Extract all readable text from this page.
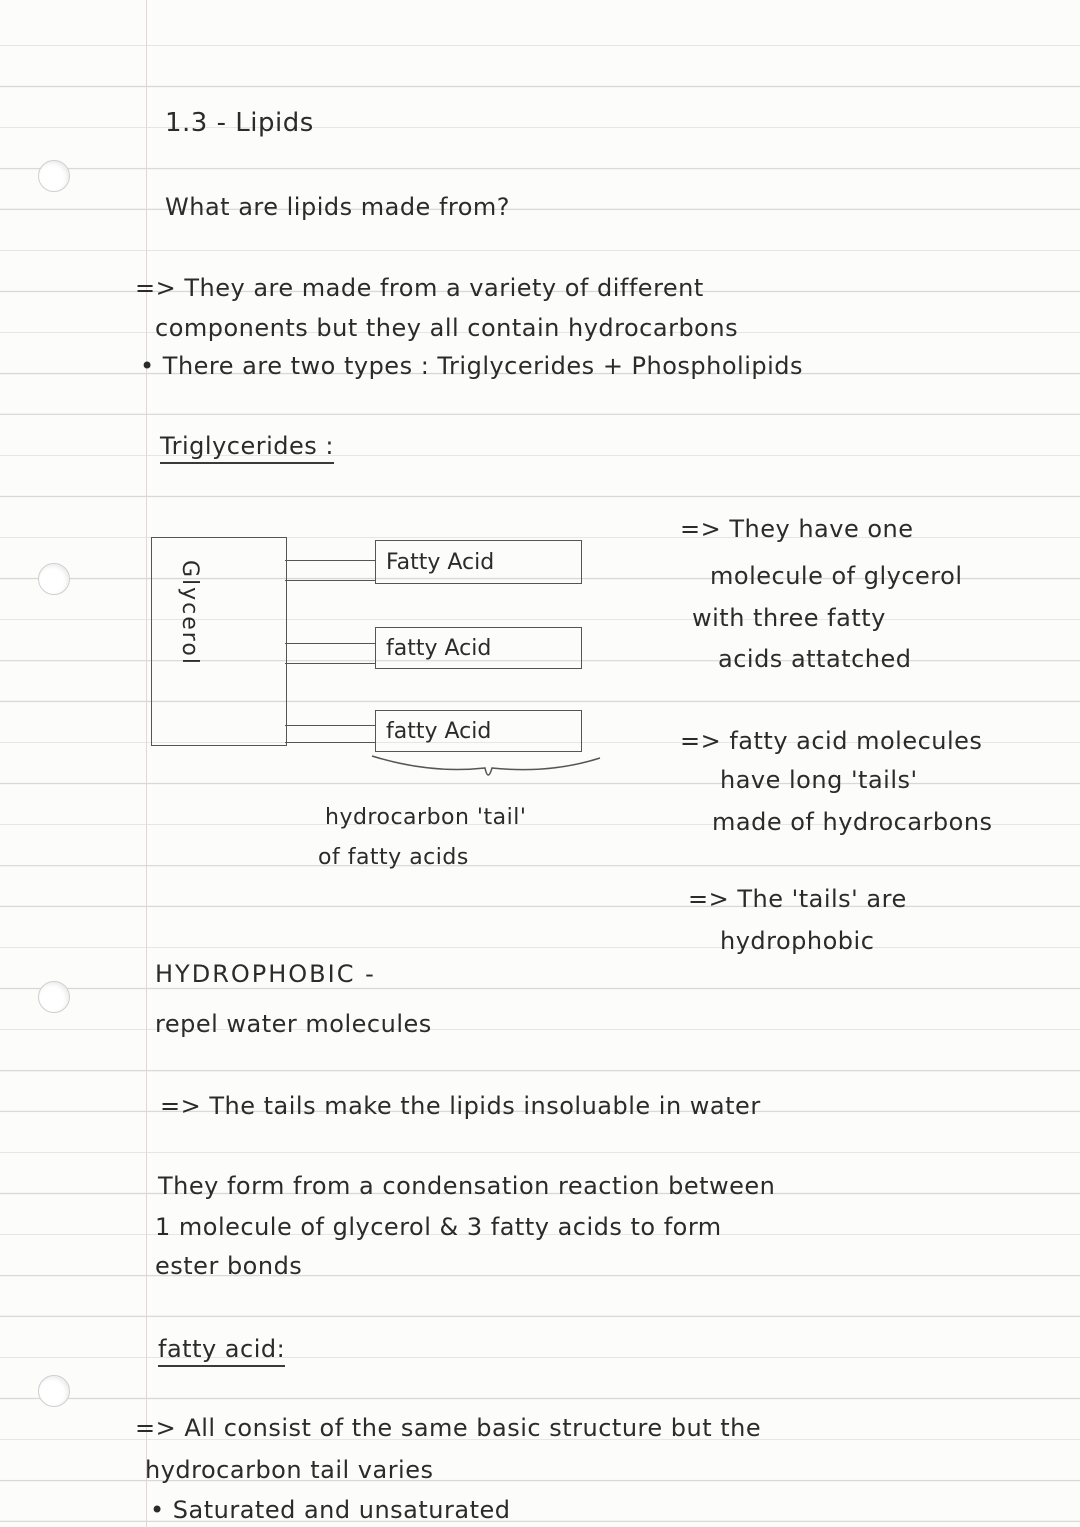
1.3 - Lipids
What are lipids made from?
=> They are made from a variety of different
components but they all contain hydrocarbons
• There are two types : Triglycerides + Phospholipids
Triglycerides :
Glycerol	Fatty Acid
fatty Acid
fatty Acid
hydrocarbon 'tail'
of fatty acids
=> They have one
molecule of glycerol
with three fatty
acids attatched
=> fatty acid molecules
have long 'tails'
made of hydrocarbons
=> The 'tails' are
hydrophobic
HYDROPHOBIC -
repel water molecules
=> The tails make the lipids insoluable in water
They form from a condensation reaction between
1 molecule of glycerol & 3 fatty acids to form
ester bonds
fatty acid:
=> All consist of the same basic structure but the
hydrocarbon tail varies
• Saturated and unsaturated
